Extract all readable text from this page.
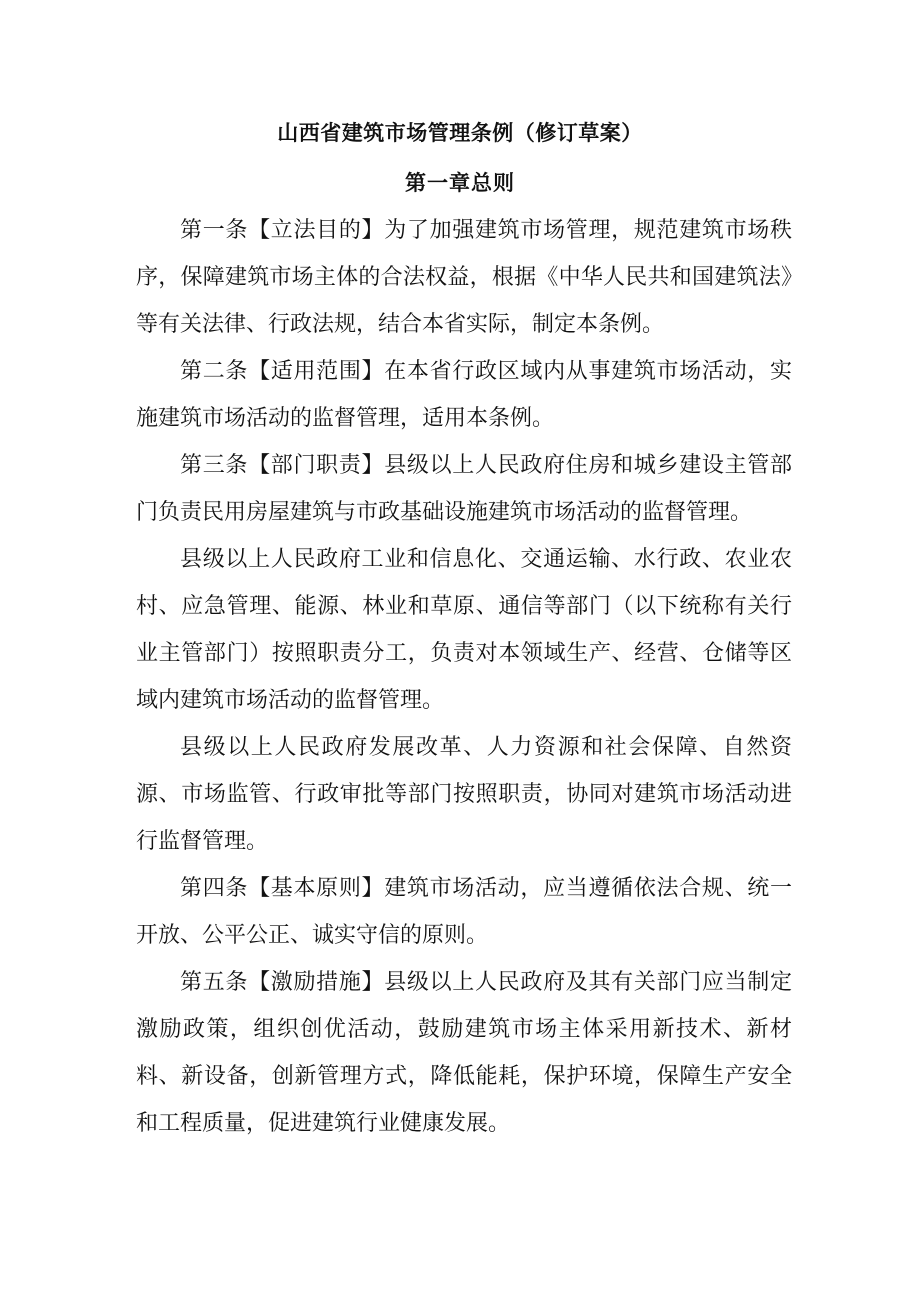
山西省建筑市场管理条例（修订草案）
第一章总则

第一条【立法目的】为了加强建筑市场管理，规范建筑市场秩序，保障建筑市场主体的合法权益，根据《中华人民共和国建筑法》等有关法律、行政法规，结合本省实际，制定本条例。

第二条【适用范围】在本省行政区域内从事建筑市场活动，实施建筑市场活动的监督管理，适用本条例。

第三条【部门职责】县级以上人民政府住房和城乡建设主管部门负责民用房屋建筑与市政基础设施建筑市场活动的监督管理。

县级以上人民政府工业和信息化、交通运输、水行政、农业农村、应急管理、能源、林业和草原、通信等部门（以下统称有关行业主管部门）按照职责分工，负责对本领域生产、经营、仓储等区域内建筑市场活动的监督管理。

县级以上人民政府发展改革、人力资源和社会保障、自然资源、市场监管、行政审批等部门按照职责，协同对建筑市场活动进行监督管理。

第四条【基本原则】建筑市场活动，应当遵循依法合规、统一开放、公平公正、诚实守信的原则。

第五条【激励措施】县级以上人民政府及其有关部门应当制定激励政策，组织创优活动，鼓励建筑市场主体采用新技术、新材料、新设备，创新管理方式，降低能耗，保护环境，保障生产安全和工程质量，促进建筑行业健康发展。
